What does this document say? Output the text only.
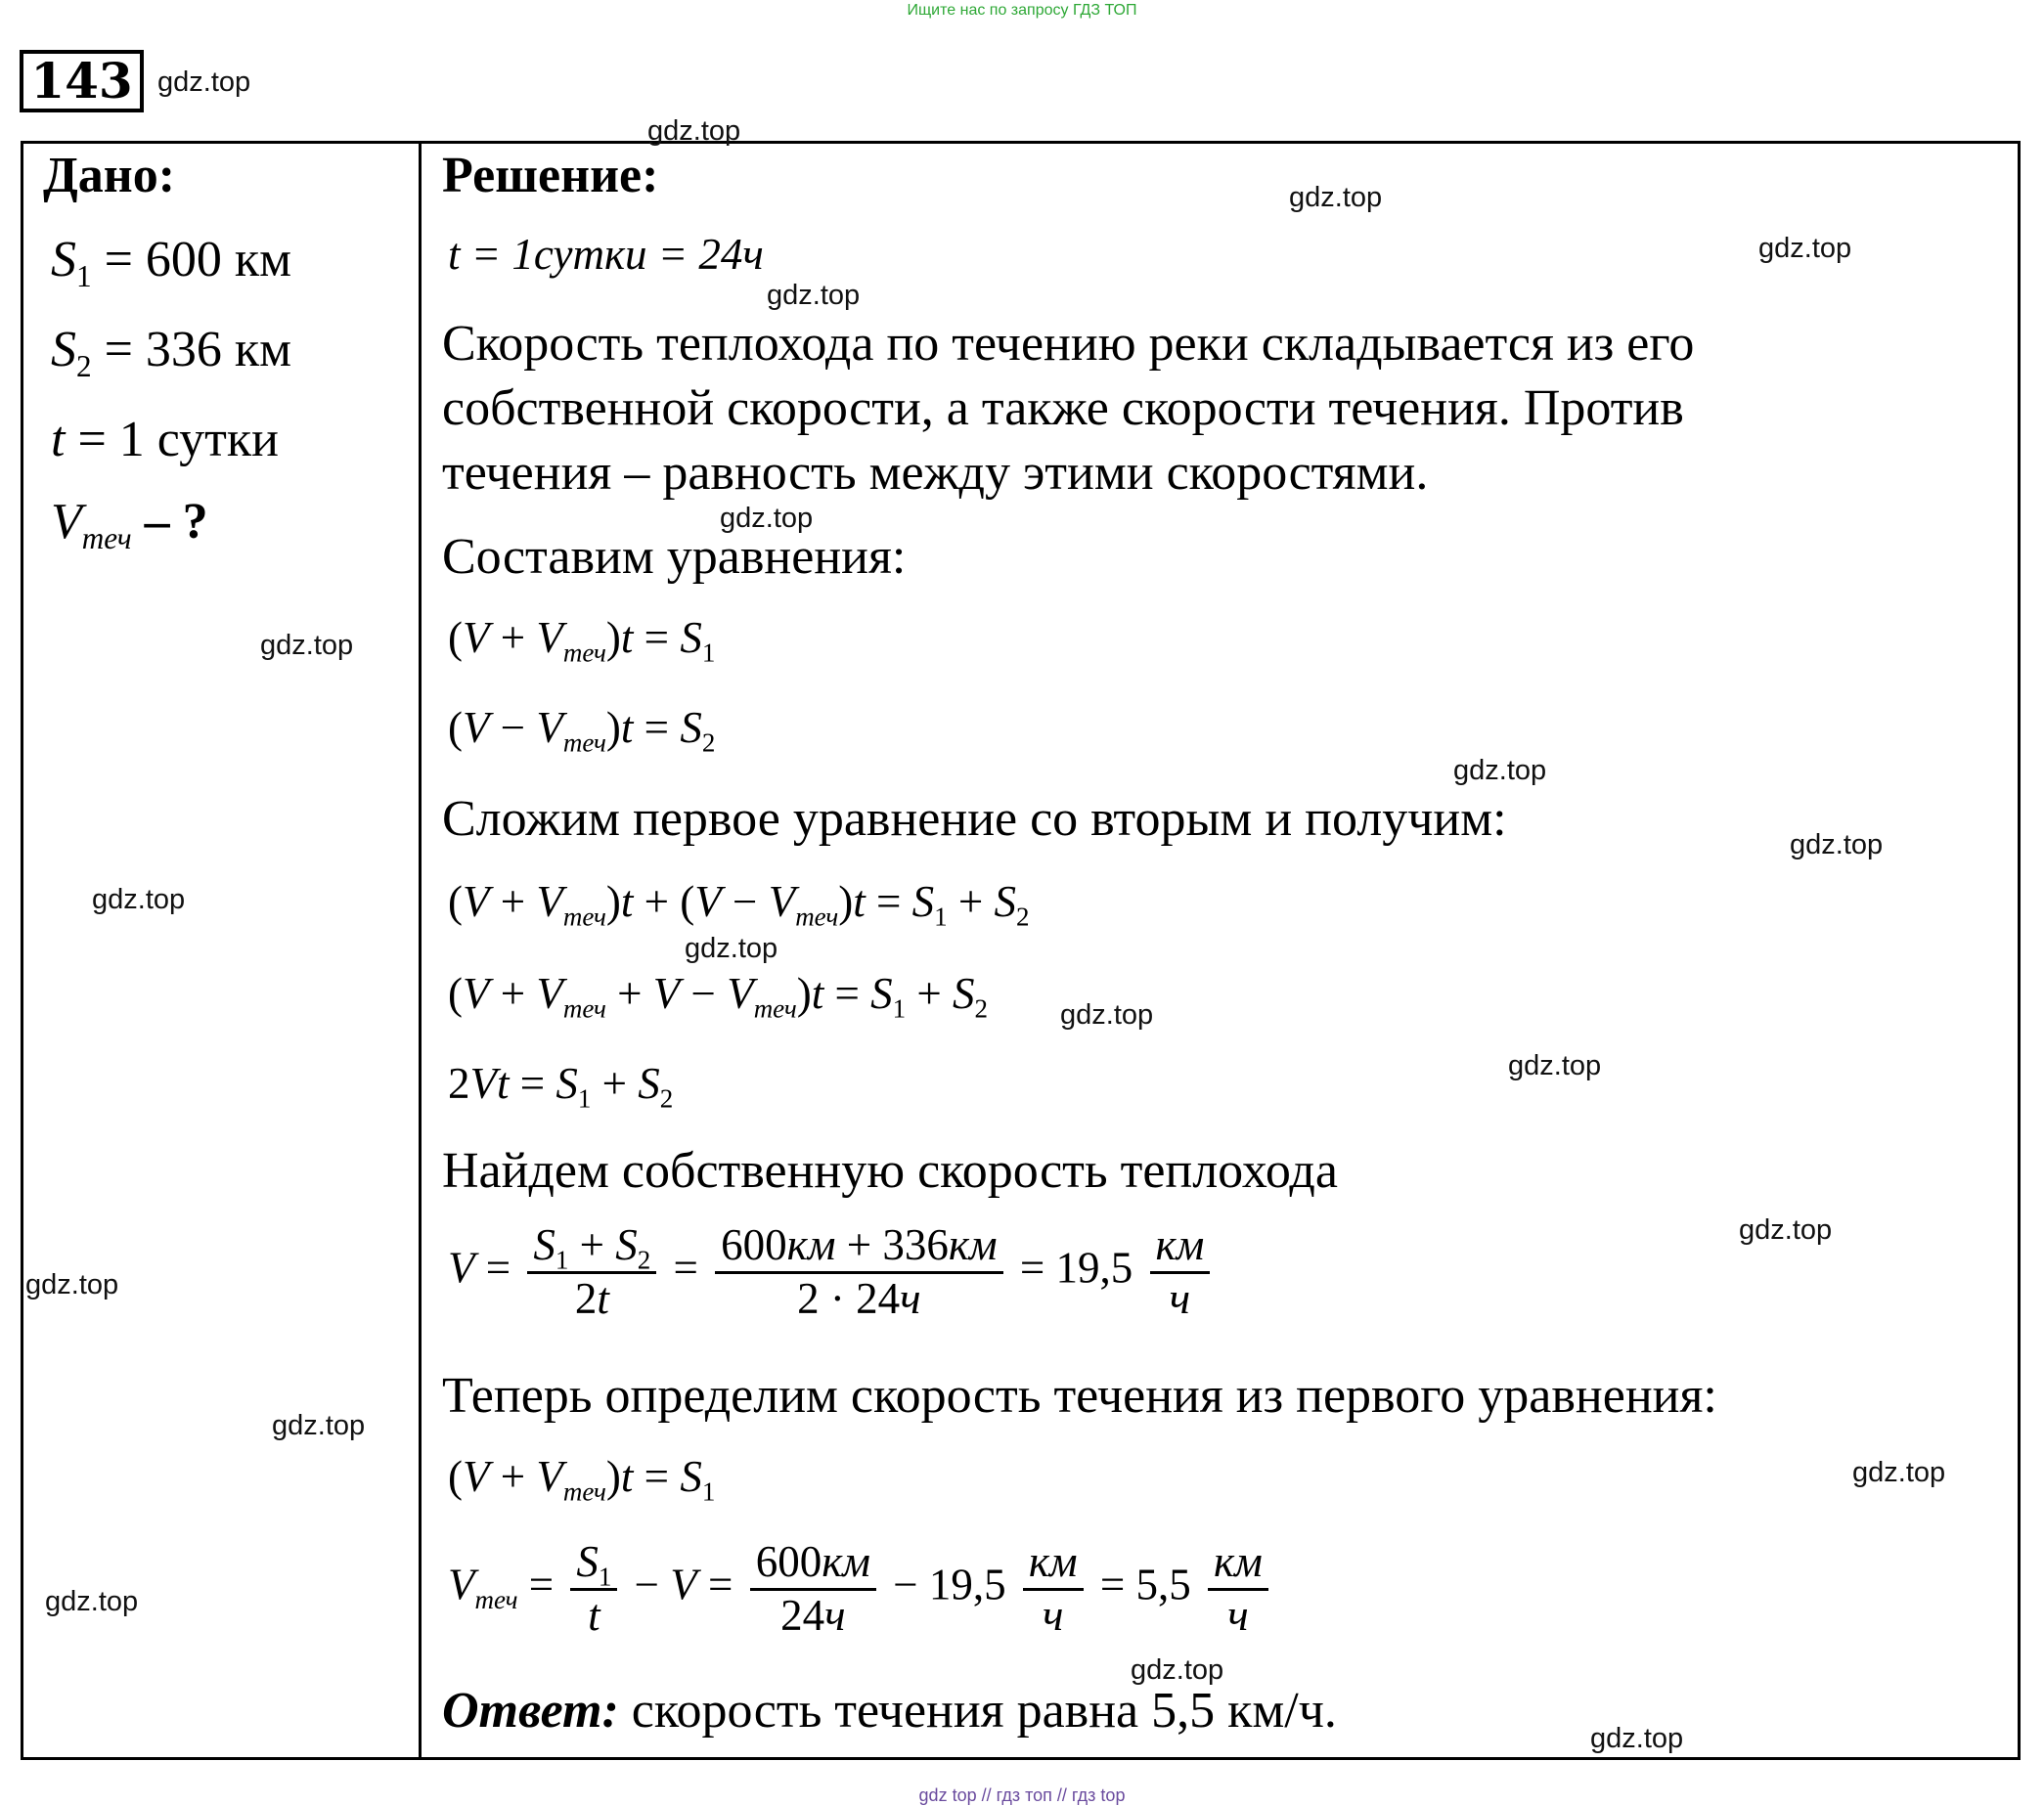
Ищите нас по запросу ГДЗ ТОП
143 gdz.top
Дано:
$S_1 = 600$ км
$S_2 = 336$ км
t = 1 сутки
$V_{теч}$ – ?
Решение:
t = 1сутки = 24ч
Скорость теплохода по течению реки складывается из его
собственной скорости, а также скорости течения. Против
течения – равность между этими скоростями.
Составим уравнения:
$(V + V_{теч})t = S_1$
$(V - V_{теч})t = S_2$
Сложим первое уравнение со вторым и получим:
$(V + V_{теч})t + (V - V_{теч})t = S_1 + S_2$
$(V + V_{теч} + V - V_{теч})t = S_1 + S_2$
$2Vt = S_1 + S_2$
Найдем собственную скорость теплохода
$V = \frac{S_1 + S_2}{2t} = \frac{600км + 336км}{2 \cdot 24ч} = 19,5 \frac{км}{ч}$
Теперь определим скорость течения из первого уравнения:
$(V + V_{теч})t = S_1$
$V_{теч} = \frac{S_1}{t} - V = \frac{600км}{24ч} - 19,5 \frac{км}{ч} = 5,5 \frac{км}{ч}$
Ответ: скорость течения равна 5,5 км/ч.
gdz.top
gdz.top
gdz.top
gdz.top
gdz.top
gdz.top
gdz.top
gdz.top
gdz.top
gdz.top
gdz.top
gdz.top
gdz.top
gdz.top
gdz.top
gdz.top
gdz.top
gdz.top
gdz.top
gdz top // гдз топ // гдз top
